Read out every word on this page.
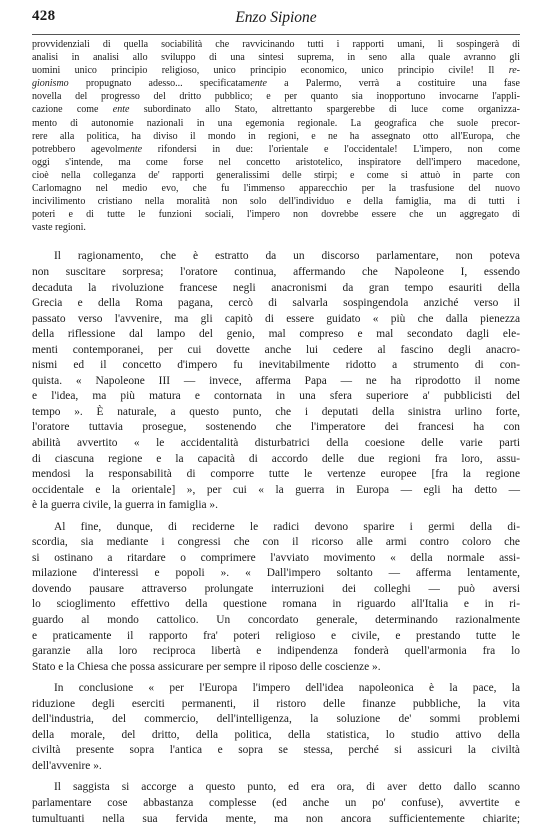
428	Enzo Sipione
provvidenziali di quella sociabilità che ravvicinando tutti i rapporti umani, li sospingerà di
analisi in analisi allo sviluppo di una sintesi suprema, in seno alla quale avranno gli
uomini unico principio religioso, unico principio economico, unico principio civile! Il re-
gionismo propugnato adesso... specificatamente a Palermo, verrà a costituire una fase
novella del progresso del dritto pubblico; e per quanto sia inopportuno invocarne l'appli-
cazione come ente subordinato allo Stato, altrettanto spargerebbe di luce come organizza-
mento di autonomie nazionali in una egemonia regionale. La geografica che suole precor-
rere alla politica, ha diviso il mondo in regioni, e ne ha assegnato otto all'Europa, che
potrebbero agevolmente rifondersi in due: l'orientale e l'occidentale! L'impero, non come
oggi s'intende, ma come forse nel concetto aristotelico, inspiratore dell'impero macedone,
cioè nella colleganza de' rapporti generalissimi delle stirpi; e come si attuò in parte con
Carlomagno nel medio evo, che fu l'immenso apparecchio per la trasfusione del nuovo
incivilimento cristiano nella moralità non solo dell'individuo e della famiglia, ma di tutti i
poteri e di tutte le funzioni sociali, l'impero non dovrebbe essere che un aggregato di
vaste regioni.
Il ragionamento, che è estratto da un discorso parlamentare, non poteva
non suscitare sorpresa; l'oratore continua, affermando che Napoleone I, essendo
decaduta la rivoluzione francese negli anacronismi da gran tempo esauriti della
Grecia e della Roma pagana, cercò di salvarla sospingendola anziché verso il
passato verso l'avvenire, ma gli capitò di essere guidato « più che dalla pienezza
della riflessione dal lampo del genio, mal compreso e mal secondato dagli ele-
menti contemporanei, per cui dovette anche lui cedere al fascino degli anacro-
nismi ed il concetto d'impero fu inevitabilmente ridotto a strumento di con-
quista. « Napoleone III — invece, afferma Papa — ne ha riprodotto il nome
e l'idea, ma più matura e contornata in una sfera superiore a' pubblicisti del
tempo ». È naturale, a questo punto, che i deputati della sinistra urlino forte,
l'oratore tuttavia prosegue, sostenendo che l'imperatore dei francesi ha con
abilità avvertito « le accidentalità disturbatrici della coesione delle varie parti
di ciascuna regione e la capacità di accordo delle due regioni fra loro, assu-
mendosi la responsabilità di comporre tutte le vertenze europee [fra la regione
occidentale e la orientale] », per cui « la guerra in Europa — egli ha detto —
è la guerra civile, la guerra in famiglia ».
Al fine, dunque, di reciderne le radici devono sparire i germi della di-
scordia, sia mediante i congressi che con il ricorso alle armi contro coloro che
si ostinano a ritardare o comprimere l'avviato movimento « della normale assi-
milazione d'interessi e popoli ». « Dall'impero soltanto — afferma lentamente,
dovendo pausare attraverso prolungate interruzioni dei colleghi — può aversi
lo scioglimento effettivo della questione romana in riguardo all'Italia e in ri-
guardo al mondo cattolico. Un concordato generale, determinando razionalmente
e praticamente il rapporto fra' poteri religioso e civile, e prestando tutte le
garanzie alla loro reciproca libertà e indipendenza fonderà quell'armonia fra lo
Stato e la Chiesa che possa assicurare per sempre il riposo delle coscienze ».
In conclusione « per l'Europa l'impero dell'idea napoleonica è la pace, la
riduzione degli eserciti permanenti, il ristoro delle finanze pubbliche, la vita
dell'industria, del commercio, dell'intelligenza, la soluzione de' sommi problemi
della morale, del dritto, della politica, della statistica, lo studio attivo della
civiltà presente sopra l'antica e sopra se stessa, perché si assicuri la civiltà
dell'avvenire ».
Il saggista si accorge a questo punto, ed era ora, di aver detto dallo scanno
parlamentare cose abbastanza complesse (ed anche un po' confuse), avvertite e
tumultuanti nella sua fervida mente, ma non ancora sufficientemente chiarite;
